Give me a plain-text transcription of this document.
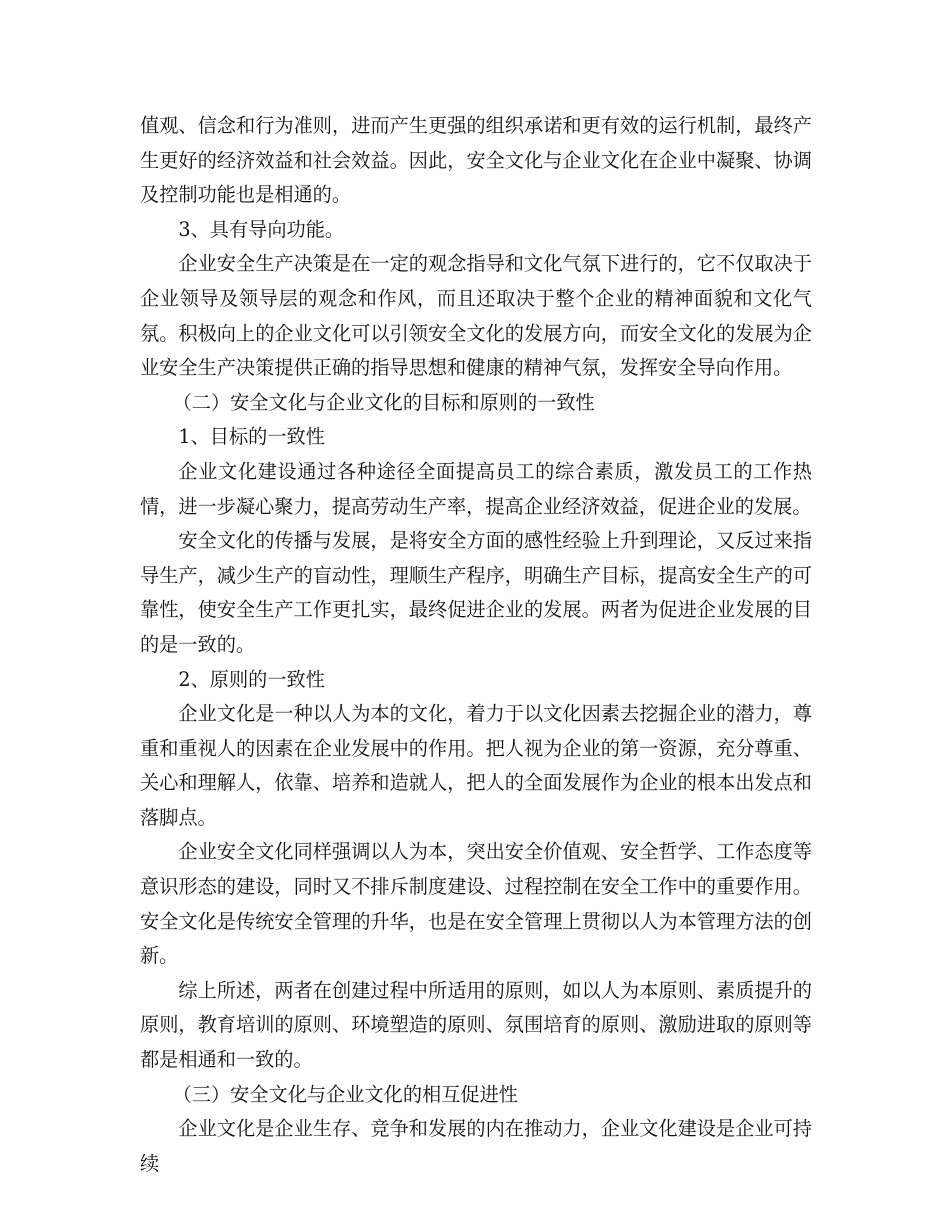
值观、信念和行为准则，进而产生更强的组织承诺和更有效的运行机制，最终产生更好的经济效益和社会效益。因此，安全文化与企业文化在企业中凝聚、协调及控制功能也是相通的。

3、具有导向功能。

企业安全生产决策是在一定的观念指导和文化气氛下进行的，它不仅取决于企业领导及领导层的观念和作风，而且还取决于整个企业的精神面貌和文化气氛。积极向上的企业文化可以引领安全文化的发展方向，而安全文化的发展为企业安全生产决策提供正确的指导思想和健康的精神气氛，发挥安全导向作用。

（二）安全文化与企业文化的目标和原则的一致性

1、目标的一致性

企业文化建设通过各种途径全面提高员工的综合素质，激发员工的工作热情，进一步凝心聚力，提高劳动生产率，提高企业经济效益，促进企业的发展。

安全文化的传播与发展，是将安全方面的感性经验上升到理论，又反过来指导生产，减少生产的盲动性，理顺生产程序，明确生产目标，提高安全生产的可靠性，使安全生产工作更扎实，最终促进企业的发展。两者为促进企业发展的目的是一致的。

2、原则的一致性

企业文化是一种以人为本的文化，着力于以文化因素去挖掘企业的潜力，尊重和重视人的因素在企业发展中的作用。把人视为企业的第一资源，充分尊重、关心和理解人，依靠、培养和造就人，把人的全面发展作为企业的根本出发点和落脚点。

企业安全文化同样强调以人为本，突出安全价值观、安全哲学、工作态度等意识形态的建设，同时又不排斥制度建设、过程控制在安全工作中的重要作用。安全文化是传统安全管理的升华，也是在安全管理上贯彻以人为本管理方法的创新。

综上所述，两者在创建过程中所适用的原则，如以人为本原则、素质提升的原则，教育培训的原则、环境塑造的原则、氛围培育的原则、激励进取的原则等都是相通和一致的。

（三）安全文化与企业文化的相互促进性

企业文化是企业生存、竞争和发展的内在推动力，企业文化建设是企业可持续
